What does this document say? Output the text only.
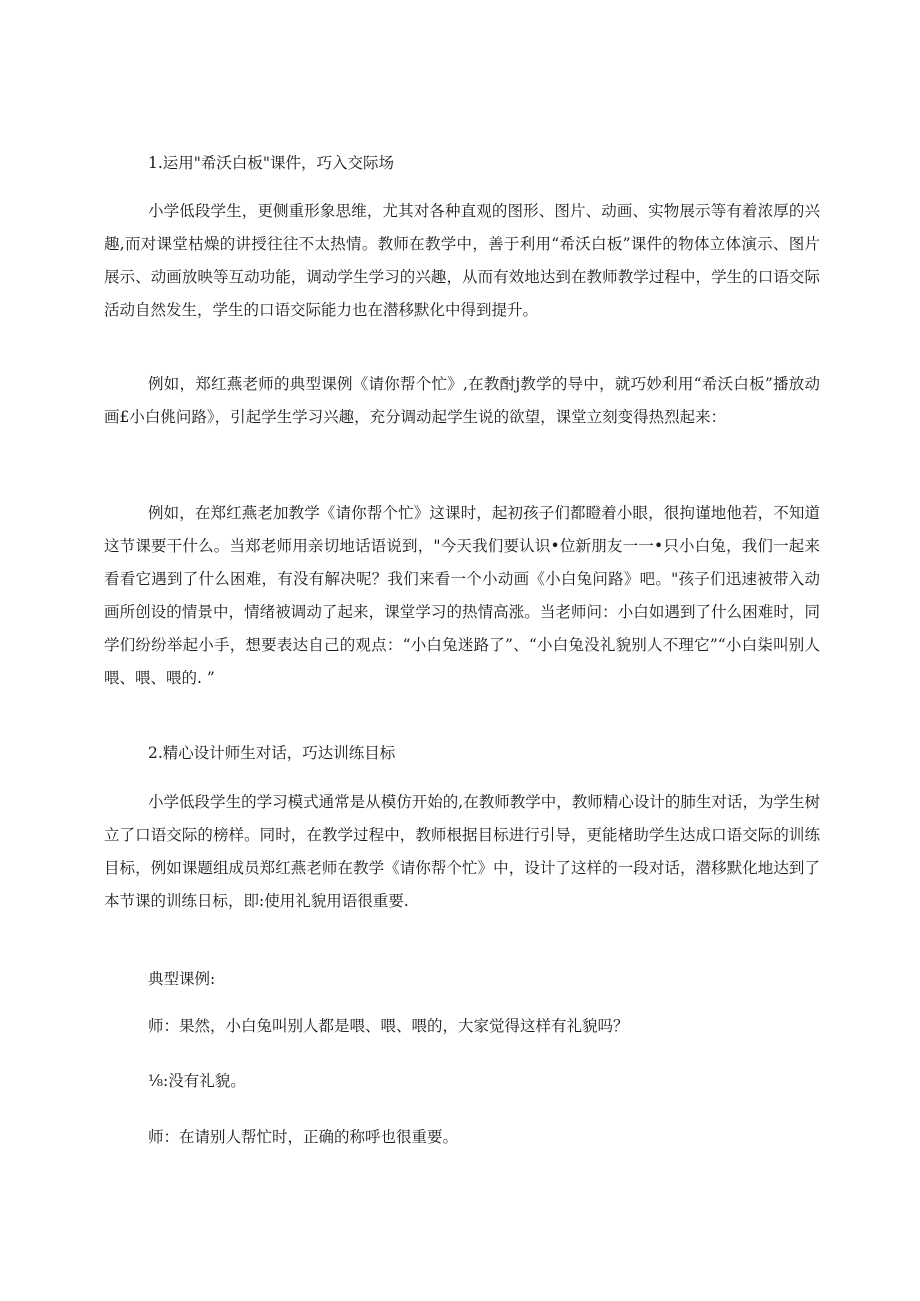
1.运用"希沃白板"课件，巧入交际场
小学低段学生，更侧重形象思维，尤其对各种直观的图形、图片、动画、实物展示等有着浓厚的兴趣,而对课堂枯燥的讲授往往不太热情。教师在教学中，善于利用“希沃白板”课件的物体立体演示、图片展示、动画放映等互动功能，调动学生学习的兴趣，从而有效地达到在教师教学过程中，学生的口语交际活动自然发生，学生的口语交际能力也在潜移默化中得到提升。
例如，郑红燕老师的典型课例《请你帮个忙》,在教酎j教学的导中，就巧妙利用“希沃白板”播放动画£小白佻问路》，引起学生学习兴趣，充分调动起学生说的欲望，课堂立刻变得热烈起来：
例如，在郑红燕老加教学《请你帮个忙》这课时，起初孩子们都瞪着小眼，很拘谨地他若，不知道这节课要干什么。当郑老师用亲切地话语说到，"今天我们要认识•位新朋友一一•只小白兔，我们一起来看看它遇到了什么困难，有没有解决呢？我们来看一个小动画《小白兔问路》吧。"孩子们迅速被带入动画所创设的情景中，情绪被调动了起来，课堂学习的热情高涨。当老师问：小白如遇到了什么困难时，同学们纷纷举起小手，想要表达自己的观点：“小白兔迷路了”、“小白兔没礼貌别人不理它”“小白柒叫别人喂、喂、喂的. ”
2.精心设计师生对话，巧达训练目标
小学低段学生的学习模式通常是从模仿开始的,在教师教学中，教师精心设计的肺生对话，为学生树立了口语交际的榜样。同时，在教学过程中，教师根据目标进行引导，更能楮助学生达成口语交际的训练目标，例如课题组成员郑红燕老师在教学《请你帮个忙》中，设计了这样的一段对话，潜移默化地达到了本节课的训练日标，即:使用礼貌用语很重要.
典型课例:
师：果然，小白兔叫别人都是喂、喂、喂的，大家觉得这样有礼貌吗？
⅛:没有礼貌。
师：在请别人帮忙时，正确的称呼也很重要。
